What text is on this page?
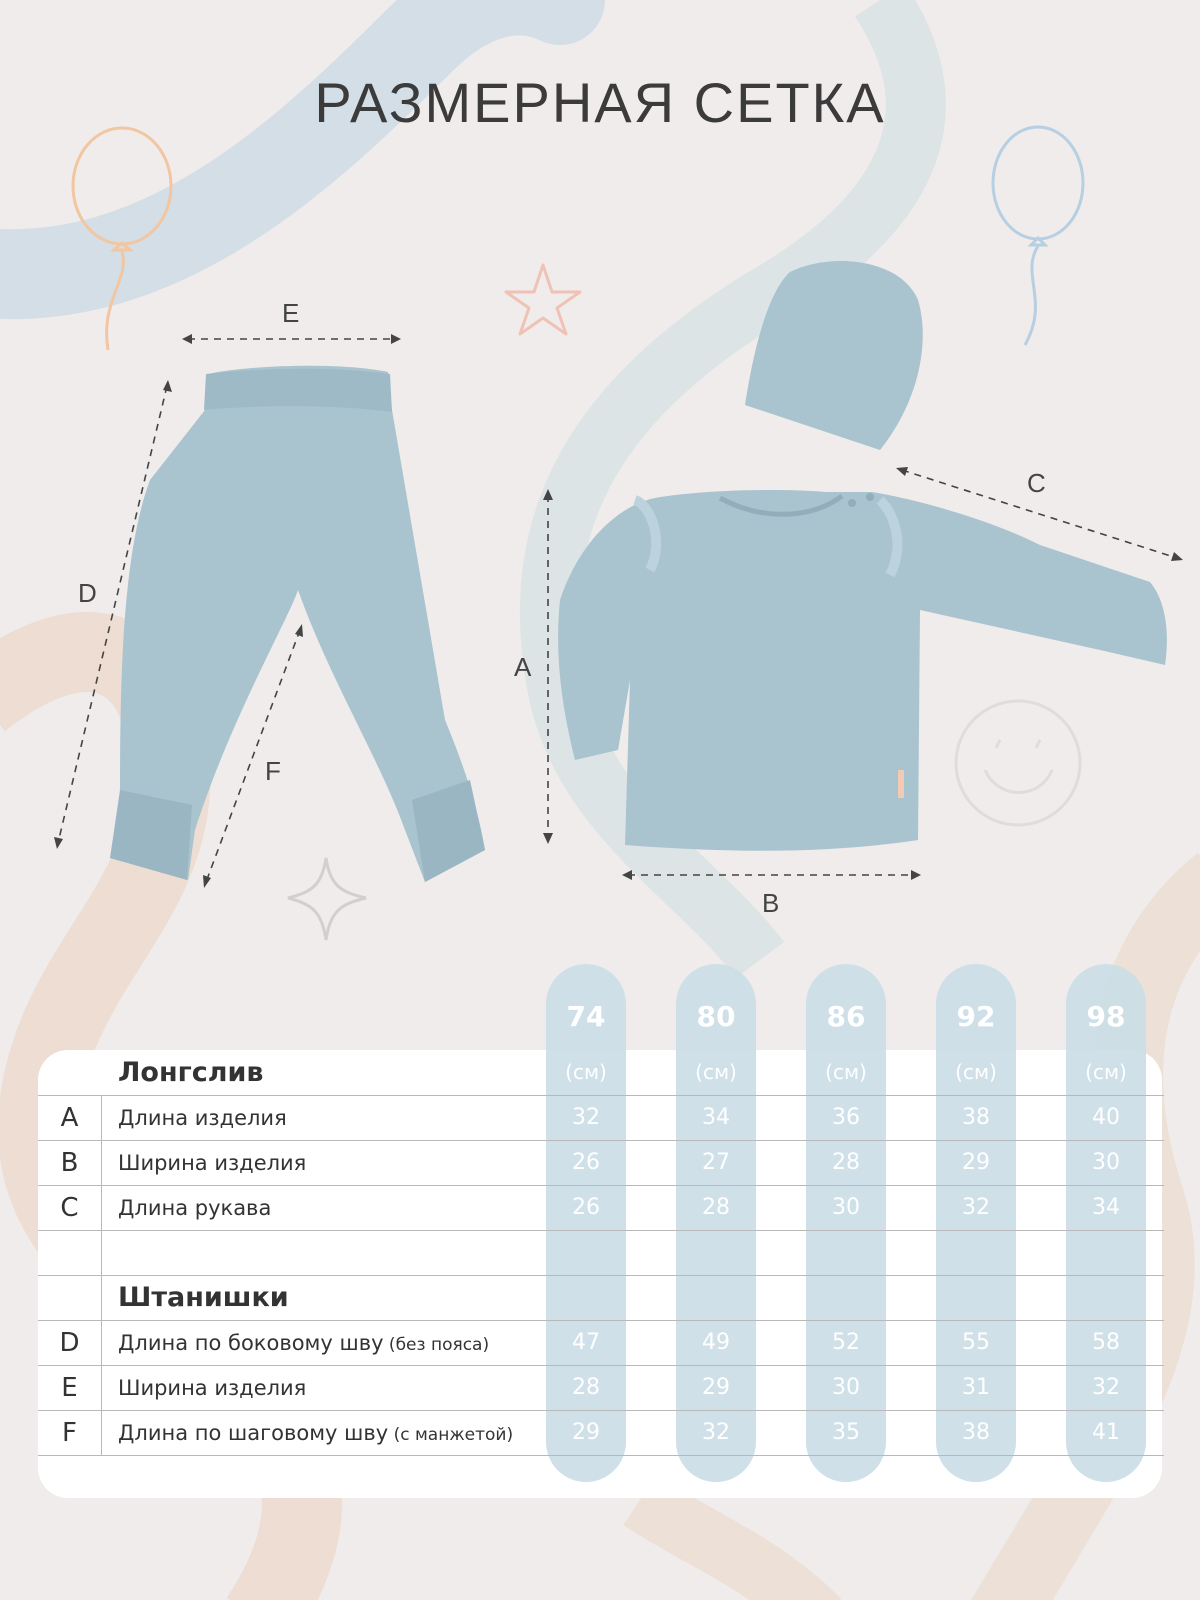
РАЗМЕРНАЯ СЕТКА
E
D
F
A
B
C
74
(см)
80
(см)
86
(см)
92
(см)
98
(см)
Лонгслив
A	Длина изделия	32	34	36	38	40
B	Ширина изделия	26	27	28	29	30
C	Длина рукава	26	28	30	32	34
Штанишки
D	Длина по боковому шву (без пояса)	47	49	52	55	58
E	Ширина изделия	28	29	30	31	32
F	Длина по шаговому шву (с манжетой)	29	32	35	38	41
